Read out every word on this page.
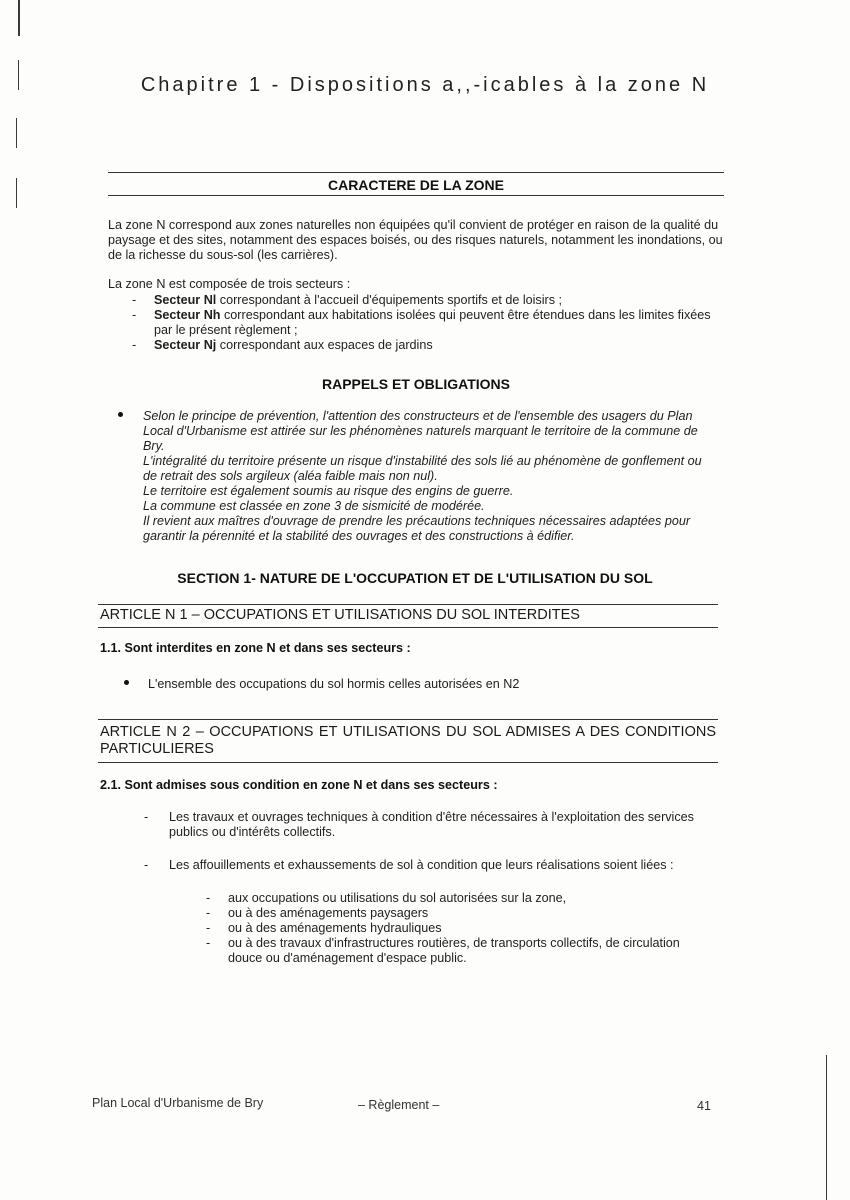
Chapitre 1 - Dispositions a,,-icables à la zone N
CARACTERE DE LA ZONE
La zone N correspond aux zones naturelles non équipées qu'il convient de protéger en raison de la qualité du paysage et des sites, notamment des espaces boisés, ou des risques naturels, notamment les inondations, ou de la richesse du sous-sol (les carrières).
La zone N est composée de trois secteurs :
- Secteur Nl correspondant à l'accueil d'équipements sportifs et de loisirs ;
- Secteur Nh correspondant aux habitations isolées qui peuvent être étendues dans les limites fixées par le présent règlement ;
- Secteur Nj correspondant aux espaces de jardins
RAPPELS ET OBLIGATIONS
Selon le principe de prévention, l'attention des constructeurs et de l'ensemble des usagers du Plan Local d'Urbanisme est attirée sur les phénomènes naturels marquant le territoire de la commune de Bry.
L'intégralité du territoire présente un risque d'instabilité des sols lié au phénomène de gonflement ou de retrait des sols argileux (aléa faible mais non nul).
Le territoire est également soumis au risque des engins de guerre.
La commune est classée en zone 3 de sismicité de modérée.
Il revient aux maîtres d'ouvrage de prendre les précautions techniques nécessaires adaptées pour garantir la pérennité et la stabilité des ouvrages et des constructions à édifier.
SECTION 1- NATURE DE L'OCCUPATION ET DE L'UTILISATION DU SOL
ARTICLE N 1 – OCCUPATIONS ET UTILISATIONS DU SOL INTERDITES
1.1. Sont interdites en zone N et dans ses secteurs :
L'ensemble des occupations du sol hormis celles autorisées en N2
ARTICLE N 2 – OCCUPATIONS ET UTILISATIONS DU SOL ADMISES A DES CONDITIONS PARTICULIERES
2.1. Sont admises sous condition en zone N et dans ses secteurs :
- Les travaux et ouvrages techniques à condition d'être nécessaires à l'exploitation des services publics ou d'intérêts collectifs.
- Les affouillements et exhaussements de sol à condition que leurs réalisations soient liées :
- aux occupations ou utilisations du sol autorisées sur la zone,
- ou à des aménagements paysagers
- ou à des aménagements hydrauliques
- ou à des travaux d'infrastructures routières, de transports collectifs, de circulation douce ou d'aménagement d'espace public.
Plan Local d'Urbanisme de Bry	– Règlement –	41
